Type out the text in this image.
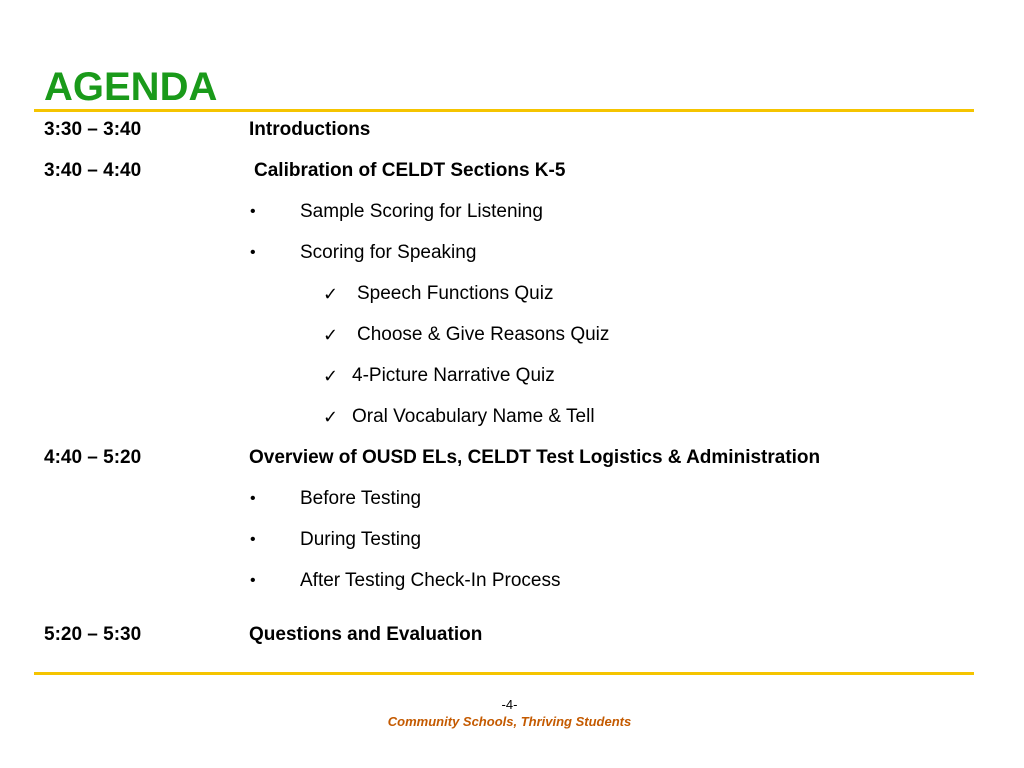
AGENDA
3:30 – 3:40	Introductions
3:40 – 4:40	Calibration of CELDT Sections K-5
• Sample Scoring for Listening
• Scoring for Speaking
✓ Speech Functions Quiz
✓ Choose & Give Reasons Quiz
✓ 4-Picture Narrative Quiz
✓ Oral Vocabulary Name & Tell
4:40 – 5:20	Overview of OUSD ELs, CELDT Test Logistics & Administration
• Before Testing
• During Testing
• After Testing Check-In Process
5:20 – 5:30	Questions and Evaluation
-4-
Community Schools, Thriving Students
